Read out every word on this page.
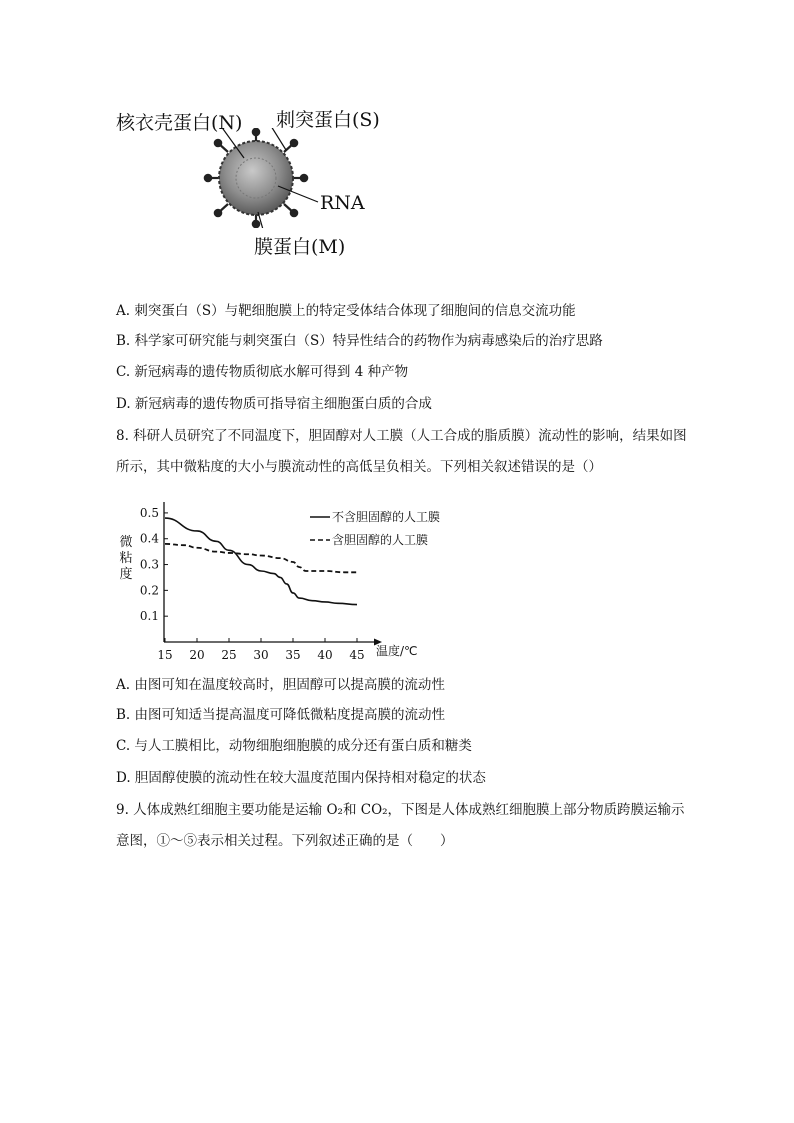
核衣壳蛋白(N) 刺突蛋白(S)
RNA
膜蛋白(M)
A. 刺突蛋白（S）与靶细胞膜上的特定受体结合体现了细胞间的信息交流功能
B. 科学家可研究能与刺突蛋白（S）特异性结合的药物作为病毒感染后的治疗思路
C. 新冠病毒的遗传物质彻底水解可得到 4 种产物
D. 新冠病毒的遗传物质可指导宿主细胞蛋白质的合成
8. 科研人员研究了不同温度下，胆固醇对人工膜（人工合成的脂质膜）流动性的影响，结果如图
所示，其中微粘度的大小与膜流动性的高低呈负相关。下列相关叙述错误的是（）
0.1
0.2
0.3
0.4
0.5
15 20 25 30 35 40 45 温度/℃
微
粘
度
不含胆固醇的人工膜
含胆固醇的人工膜
A. 由图可知在温度较高时，胆固醇可以提高膜的流动性
B. 由图可知适当提高温度可降低微粘度提高膜的流动性
C. 与人工膜相比，动物细胞细胞膜的成分还有蛋白质和糖类
D. 胆固醇使膜的流动性在较大温度范围内保持相对稳定的状态
9. 人体成熟红细胞主要功能是运输 O₂和 CO₂，下图是人体成熟红细胞膜上部分物质跨膜运输示
意图，①～⑤表示相关过程。下列叙述正确的是（　　）
